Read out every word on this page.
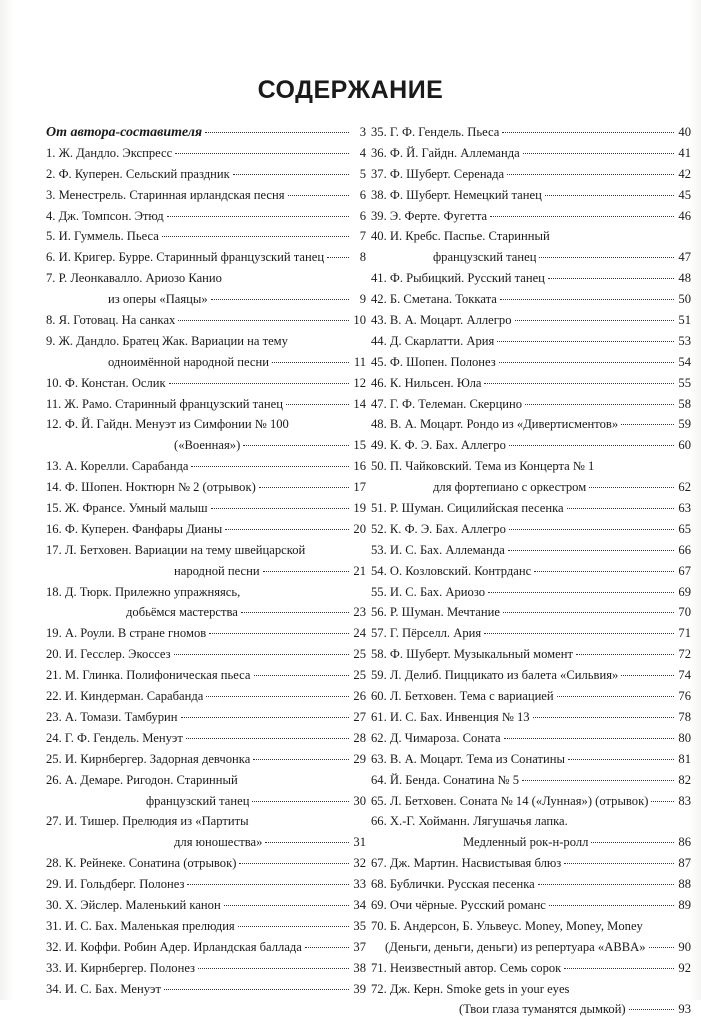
СОДЕРЖАНИЕ
От автора-составителя	3
1. Ж. Дандло. Экспресс	4
2. Ф. Куперен. Сельский праздник	5
3. Менестрель. Старинная ирландская песня	6
4. Дж. Томпсон. Этюд	6
5. И. Гуммель. Пьеса	7
6. И. Кригер. Бурре. Старинный французский танец	8
7. Р. Леонкавалло. Ариозо Канио
из оперы «Паяцы»	9
8. Я. Готовац. На санках	10
9. Ж. Дандло. Братец Жак. Вариации на тему
одноимённой народной песни	11
10. Ф. Констан. Ослик	12
11. Ж. Рамо. Старинный французский танец	14
12. Ф. Й. Гайдн. Менуэт из Симфонии № 100
(«Военная»)	15
13. А. Корелли. Сарабанда	16
14. Ф. Шопен. Ноктюрн № 2 (отрывок)	17
15. Ж. Франсе. Умный малыш	19
16. Ф. Куперен. Фанфары Дианы	20
17. Л. Бетховен. Вариации на тему швейцарской
народной песни	21
18. Д. Тюрк. Прилежно упражняясь,
добьёмся мастерства	23
19. А. Роули. В стране гномов	24
20. И. Гесслер. Экоссез	25
21. М. Глинка. Полифоническая пьеса	25
22. И. Киндерман. Сарабанда	26
23. А. Томази. Тамбурин	27
24. Г. Ф. Гендель. Менуэт	28
25. И. Кирнбергер. Задорная девчонка	29
26. А. Демаре. Ригодон. Старинный
французский танец	30
27. И. Тишер. Прелюдия из «Партиты
для юношества»	31
28. К. Рейнеке. Сонатина (отрывок)	32
29. И. Гольдберг. Полонез	33
30. Х. Эйслер. Маленький канон	34
31. И. С. Бах. Маленькая прелюдия	35
32. И. Коффи. Робин Адер. Ирландская баллада	37
33. И. Кирнбергер. Полонез	38
34. И. С. Бах. Менуэт	39
35. Г. Ф. Гендель. Пьеса	40
36. Ф. Й. Гайдн. Аллеманда	41
37. Ф. Шуберт. Серенада	42
38. Ф. Шуберт. Немецкий танец	45
39. Э. Ферте. Фугетта	46
40. И. Кребс. Паспье. Старинный
французский танец	47
41. Ф. Рыбицкий. Русский танец	48
42. Б. Сметана. Токката	50
43. В. А. Моцарт. Аллегро	51
44. Д. Скарлатти. Ария	53
45. Ф. Шопен. Полонез	54
46. К. Нильсен. Юла	55
47. Г. Ф. Телеман. Скерцино	58
48. В. А. Моцарт. Рондо из «Дивертисментов»	59
49. К. Ф. Э. Бах. Аллегро	60
50. П. Чайковский. Тема из Концерта № 1
для фортепиано с оркестром	62
51. Р. Шуман. Сицилийская песенка	63
52. К. Ф. Э. Бах. Аллегро	65
53. И. С. Бах. Аллеманда	66
54. О. Козловский. Контрданс	67
55. И. С. Бах. Ариозо	69
56. Р. Шуман. Мечтание	70
57. Г. Пёрселл. Ария	71
58. Ф. Шуберт. Музыкальный момент	72
59. Л. Делиб. Пиццикато из балета «Сильвия»	74
60. Л. Бетховен. Тема с вариацией	76
61. И. С. Бах. Инвенция № 13	78
62. Д. Чимароза. Соната	80
63. В. А. Моцарт. Тема из Сонатины	81
64. Й. Бенда. Сонатина № 5	82
65. Л. Бетховен. Соната № 14 («Лунная») (отрывок) 83
66. Х.-Г. Хойманн. Лягушачья лапка.
Медленный рок-н-ролл	86
67. Дж. Мартин. Насвистывая блюз	87
68. Бублички. Русская песенка	88
69. Очи чёрные. Русский романс	89
70. Б. Андерсон, Б. Ульвеус. Money, Money, Money
(Деньги, деньги, деньги) из репертуара «ABBA»	90
71. Неизвестный автор. Семь сорок	92
72. Дж. Керн. Smoke gets in your eyes
(Твои глаза туманятся дымкой)	93
